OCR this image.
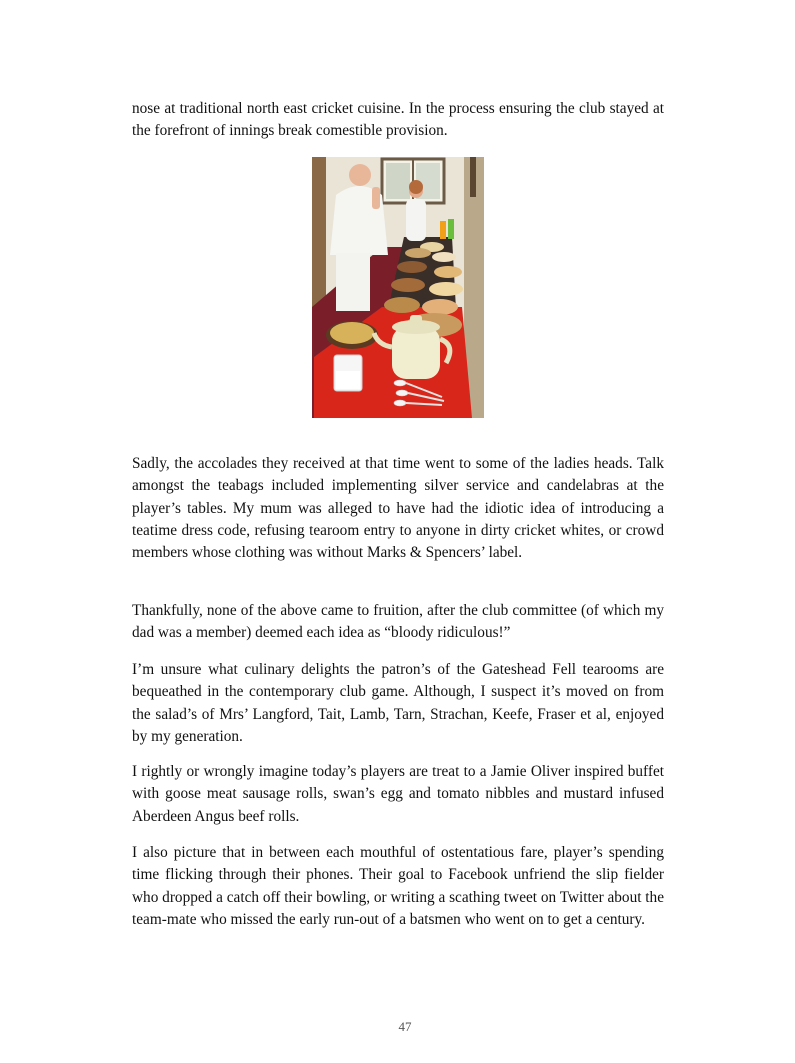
nose at traditional north east cricket cuisine. In the process ensuring the club stayed at the forefront of innings break comestible provision.

Sadly, the accolades they received at that time went to some of the ladies heads. Talk amongst the teabags included implementing silver service and candelabras at the player’s tables. My mum was alleged to have had the idiotic idea of introducing a teatime dress code, refusing tearoom entry to anyone in dirty cricket whites, or crowd members whose clothing was without Marks & Spencers’ label.

Thankfully, none of the above came to fruition, after the club committee (of which my dad was a member) deemed each idea as “bloody ridiculous!”

I’m unsure what culinary delights the patron’s of the Gateshead Fell tearooms are bequeathed in the contemporary club game. Although, I suspect it’s moved on from the salad’s of Mrs’ Langford, Tait, Lamb, Tarn, Strachan, Keefe, Fraser et al, enjoyed by my generation.

I rightly or wrongly imagine today’s players are treat to a Jamie Oliver inspired buffet with goose meat sausage rolls, swan’s egg and tomato nibbles and mustard infused Aberdeen Angus beef rolls.

I also picture that in between each mouthful of ostentatious fare, player’s spending time flicking through their phones. Their goal to Facebook unfriend the slip fielder who dropped a catch off their bowling, or writing a scathing tweet on Twitter about the team-mate who missed the early run-out of a batsmen who went on to get a century.

47
